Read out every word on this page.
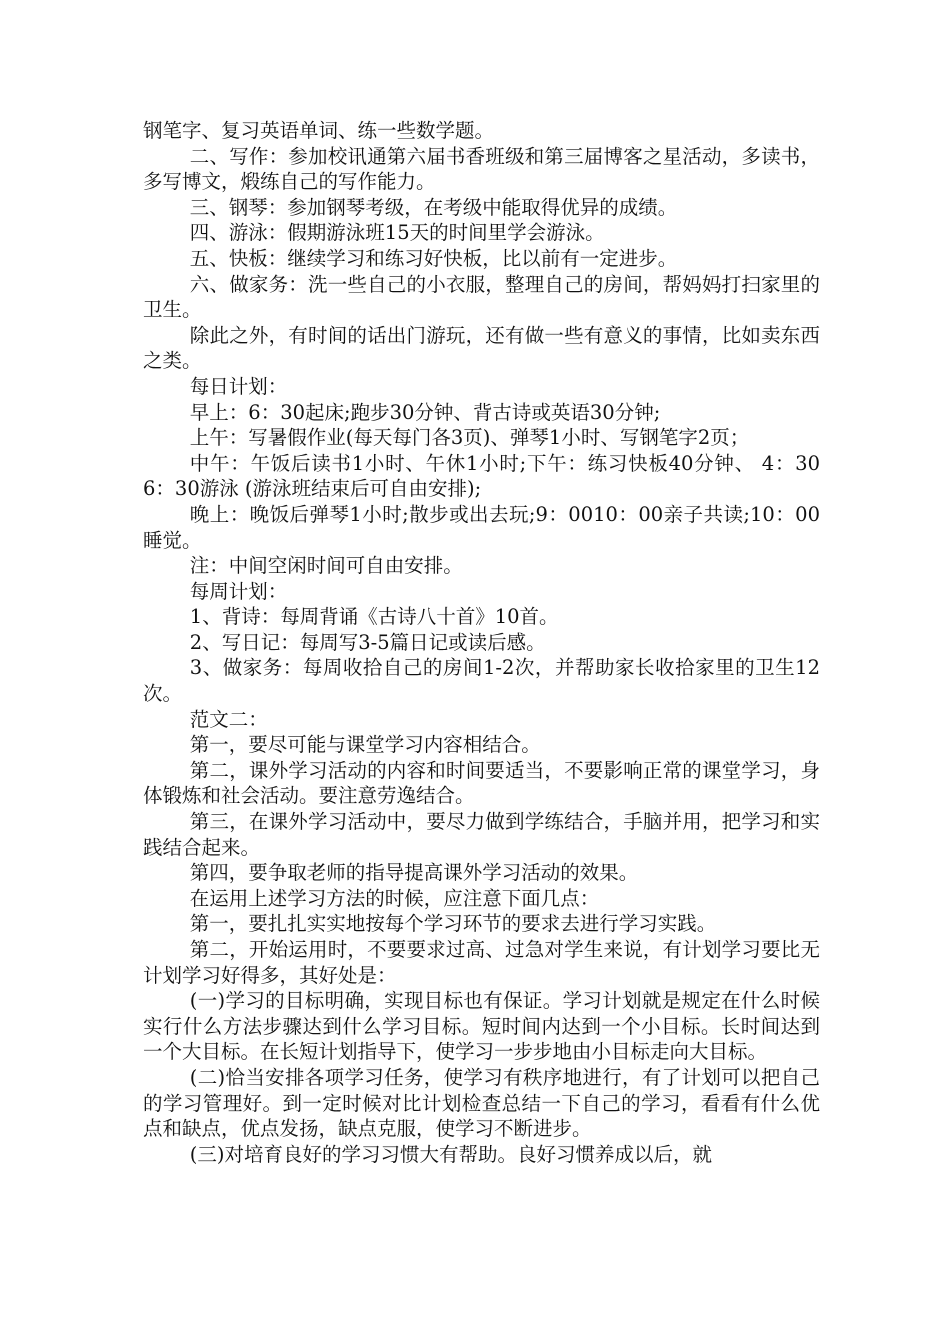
钢笔字、复习英语单词、练一些数学题。

二、写作：参加校讯通第六届书香班级和第三届博客之星活动，多读书，多写博文，煅练自己的写作能力。

三、钢琴：参加钢琴考级，在考级中能取得优异的成绩。

四、游泳：假期游泳班15天的时间里学会游泳。

五、快板：继续学习和练习好快板，比以前有一定进步。

六、做家务：洗一些自己的小衣服，整理自己的房间，帮妈妈打扫家里的卫生。

除此之外，有时间的话出门游玩，还有做一些有意义的事情，比如卖东西之类。

每日计划：

早上：6：30起床;跑步30分钟、背古诗或英语30分钟;

上午：写暑假作业(每天每门各3页)、弹琴1小时、写钢笔字2页；

中午：午饭后读书1小时、午休1小时;下午：练习快板40分钟、 4：306：30游泳 (游泳班结束后可自由安排);

晚上：晚饭后弹琴1小时;散步或出去玩;9：0010：00亲子共读;10：00睡觉。

注：中间空闲时间可自由安排。

每周计划：

1、背诗：每周背诵《古诗八十首》10首。

2、写日记：每周写3-5篇日记或读后感。

3、做家务：每周收拾自己的房间1-2次，并帮助家长收拾家里的卫生12次。

范文二：

第一，要尽可能与课堂学习内容相结合。

第二，课外学习活动的内容和时间要适当，不要影响正常的课堂学习，身体锻炼和社会活动。要注意劳逸结合。

第三，在课外学习活动中，要尽力做到学练结合，手脑并用，把学习和实践结合起来。

第四，要争取老师的指导提高课外学习活动的效果。

在运用上述学习方法的时候，应注意下面几点：

第一，要扎扎实实地按每个学习环节的要求去进行学习实践。

第二，开始运用时，不要要求过高、过急对学生来说，有计划学习要比无计划学习好得多，其好处是：

(一)学习的目标明确，实现目标也有保证。学习计划就是规定在什么时候实行什么方法步骤达到什么学习目标。短时间内达到一个小目标。长时间达到一个大目标。在长短计划指导下，使学习一步步地由小目标走向大目标。

(二)恰当安排各项学习任务，使学习有秩序地进行，有了计划可以把自己的学习管理好。到一定时候对比计划检查总结一下自己的学习，看看有什么优点和缺点，优点发扬，缺点克服，使学习不断进步。

(三)对培育良好的学习习惯大有帮助。良好习惯养成以后，就
